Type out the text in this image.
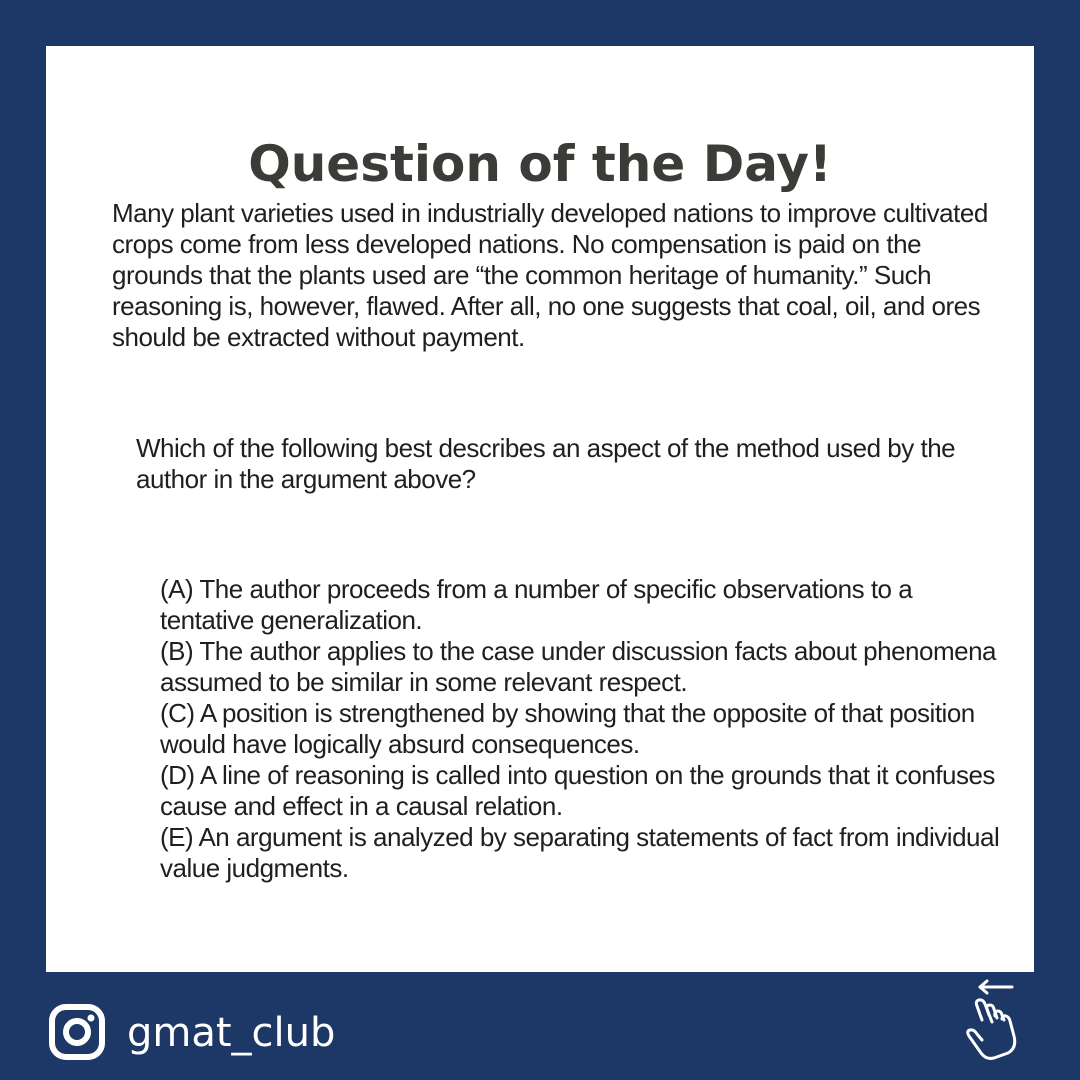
Question of the Day!

Many plant varieties used in industrially developed nations to improve cultivated crops come from less developed nations. No compensation is paid on the grounds that the plants used are “the common heritage of humanity.” Such reasoning is, however, flawed. After all, no one suggests that coal, oil, and ores should be extracted without payment.

Which of the following best describes an aspect of the method used by the author in the argument above?

(A) The author proceeds from a number of specific observations to a tentative generalization.
(B) The author applies to the case under discussion facts about phenomena assumed to be similar in some relevant respect.
(C) A position is strengthened by showing that the opposite of that position would have logically absurd consequences.
(D) A line of reasoning is called into question on the grounds that it confuses cause and effect in a causal relation.
(E) An argument is analyzed by separating statements of fact from individual value judgments.
gmat_club
